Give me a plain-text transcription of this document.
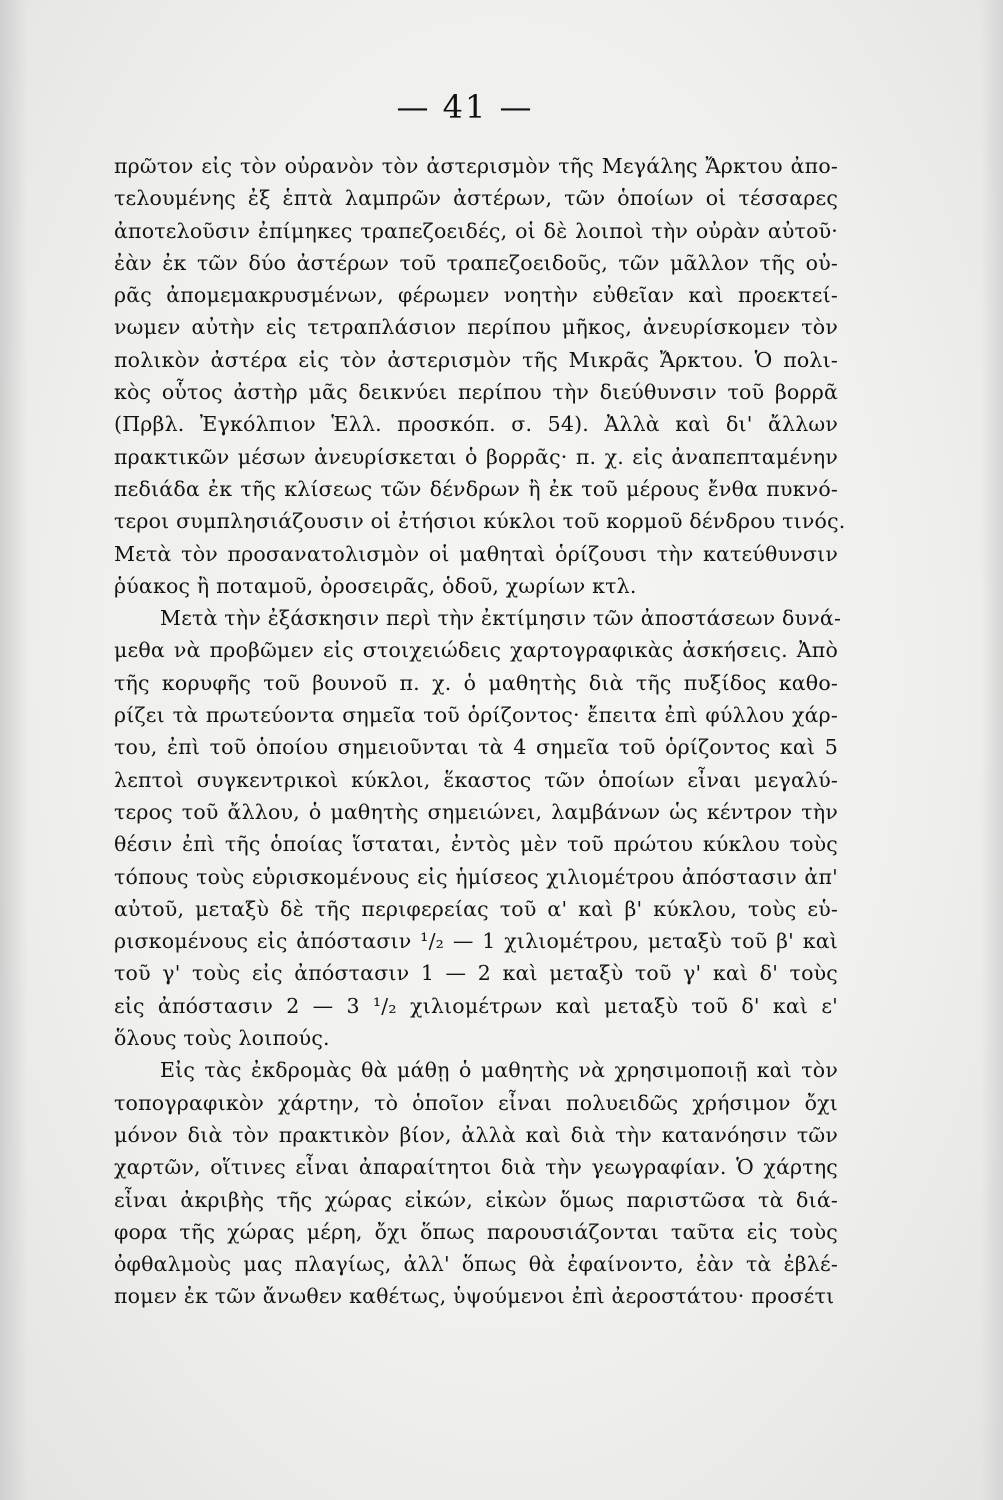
— 41 —
πρῶτον εἰς τὸν οὐρανὸν τὸν ἀστερισμὸν τῆς Μεγάλης Ἄρκτου ἀπο-
τελουμένης ἐξ ἑπτὰ λαμπρῶν ἀστέρων, τῶν ὁποίων οἱ τέσσαρες
ἀποτελοῦσιν ἐπίμηκες τραπεζοειδές, οἱ δὲ λοιποὶ τὴν οὐρὰν αὐτοῦ·
ἐὰν ἐκ τῶν δύο ἀστέρων τοῦ τραπεζοειδοῦς, τῶν μᾶλλον τῆς οὐ-
ρᾶς ἀπομεμακρυσμένων, φέρωμεν νοητὴν εὐθεῖαν καὶ προεκτεί-
νωμεν αὐτὴν εἰς τετραπλάσιον περίπου μῆκος, ἀνευρίσκομεν τὸν
πολικὸν ἀστέρα εἰς τὸν ἀστερισμὸν τῆς Μικρᾶς Ἄρκτου. Ὁ πολι-
κὸς οὗτος ἀστὴρ μᾶς δεικνύει περίπου τὴν διεύθυνσιν τοῦ βορρᾶ
(Πρβλ. Ἐγκόλπιον Ἑλλ. προσκόπ. σ. 54). Ἀλλὰ καὶ δι' ἄλλων
πρακτικῶν μέσων ἀνευρίσκεται ὁ βορρᾶς· π. χ. εἰς ἀναπεπταμένην
πεδιάδα ἐκ τῆς κλίσεως τῶν δένδρων ἢ ἐκ τοῦ μέρους ἔνθα πυκνό-
τεροι συμπλησιάζουσιν οἱ ἐτήσιοι κύκλοι τοῦ κορμοῦ δένδρου τινός.
Μετὰ τὸν προσανατολισμὸν οἱ μαθηταὶ ὁρίζουσι τὴν κατεύθυνσιν
ῥύακος ἢ ποταμοῦ, ὀροσειρᾶς, ὁδοῦ, χωρίων κτλ.
Μετὰ τὴν ἐξάσκησιν περὶ τὴν ἐκτίμησιν τῶν ἀποστάσεων δυνά-
μεθα νὰ προβῶμεν εἰς στοιχειώδεις χαρτογραφικὰς ἀσκήσεις. Ἀπὸ
τῆς κορυφῆς τοῦ βουνοῦ π. χ. ὁ μαθητὴς διὰ τῆς πυξίδος καθο-
ρίζει τὰ πρωτεύοντα σημεῖα τοῦ ὁρίζοντος· ἔπειτα ἐπὶ φύλλου χάρ-
του, ἐπὶ τοῦ ὁποίου σημειοῦνται τὰ 4 σημεῖα τοῦ ὁρίζοντος καὶ 5
λεπτοὶ συγκεντρικοὶ κύκλοι, ἕκαστος τῶν ὁποίων εἶναι μεγαλύ-
τερος τοῦ ἄλλου, ὁ μαθητὴς σημειώνει, λαμβάνων ὡς κέντρον τὴν
θέσιν ἐπὶ τῆς ὁποίας ἵσταται, ἐντὸς μὲν τοῦ πρώτου κύκλου τοὺς
τόπους τοὺς εὑρισκομένους εἰς ἡμίσεος χιλιομέτρου ἀπόστασιν ἀπ'
αὐτοῦ, μεταξὺ δὲ τῆς περιφερείας τοῦ α' καὶ β' κύκλου, τοὺς εὑ-
ρισκομένους εἰς ἀπόστασιν ¹/₂ — 1 χιλιομέτρου, μεταξὺ τοῦ β' καὶ
τοῦ γ' τοὺς εἰς ἀπόστασιν 1 — 2 καὶ μεταξὺ τοῦ γ' καὶ δ' τοὺς
εἰς ἀπόστασιν 2 — 3 ¹/₂ χιλιομέτρων καὶ μεταξὺ τοῦ δ' καὶ ε'
ὅλους τοὺς λοιπούς.
Εἰς τὰς ἐκδρομὰς θὰ μάθῃ ὁ μαθητὴς νὰ χρησιμοποιῇ καὶ τὸν
τοπογραφικὸν χάρτην, τὸ ὁποῖον εἶναι πολυειδῶς χρήσιμον ὄχι
μόνον διὰ τὸν πρακτικὸν βίον, ἀλλὰ καὶ διὰ τὴν κατανόησιν τῶν
χαρτῶν, οἵτινες εἶναι ἀπαραίτητοι διὰ τὴν γεωγραφίαν. Ὁ χάρτης
εἶναι ἀκριβὴς τῆς χώρας εἰκών, εἰκὼν ὅμως παριστῶσα τὰ διά-
φορα τῆς χώρας μέρη, ὄχι ὅπως παρουσιάζονται ταῦτα εἰς τοὺς
ὀφθαλμοὺς μας πλαγίως, ἀλλ' ὅπως θὰ ἐφαίνοντο, ἐὰν τὰ ἐβλέ-
πομεν ἐκ τῶν ἄνωθεν καθέτως, ὑψούμενοι ἐπὶ ἀεροστάτου· προσέτι
